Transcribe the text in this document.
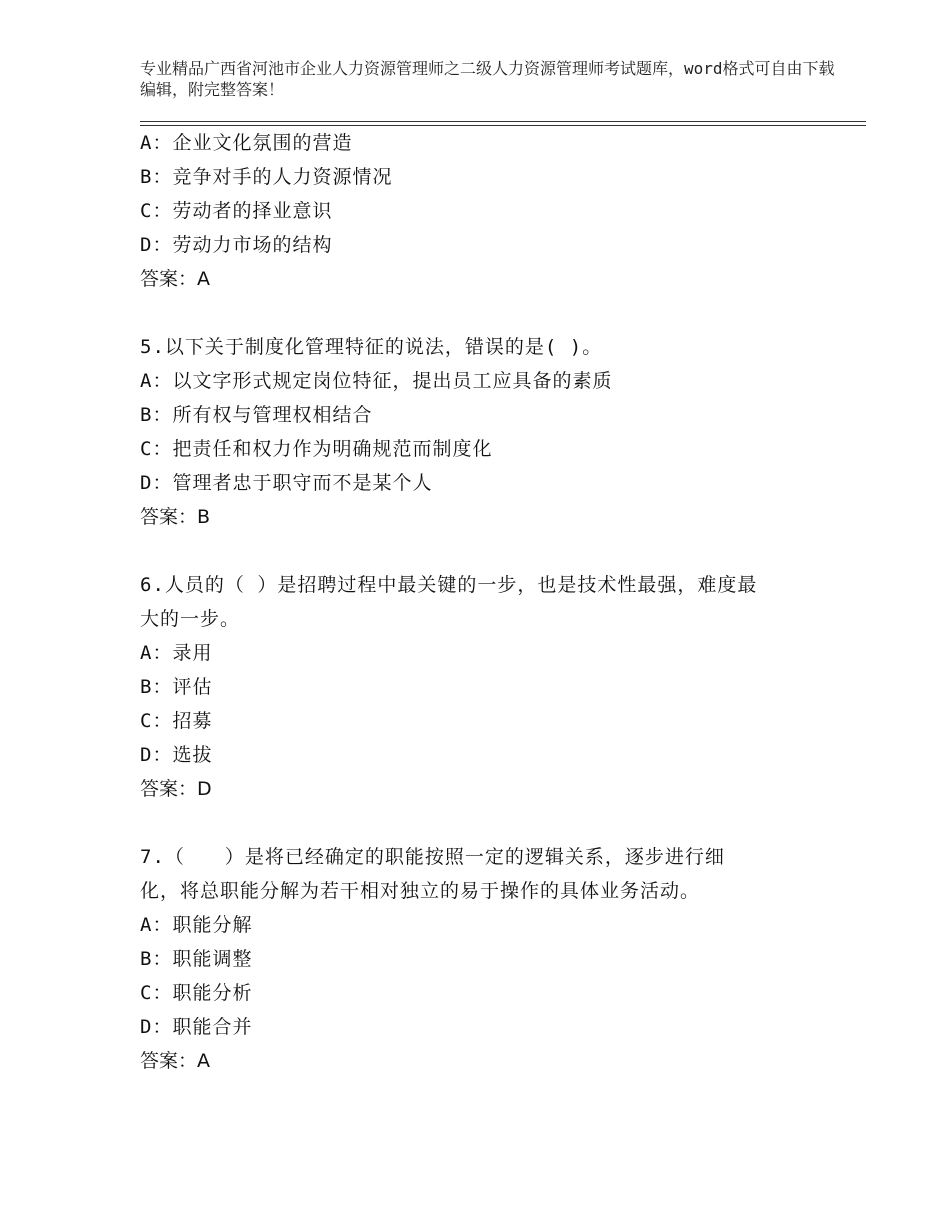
专业精品广西省河池市企业人力资源管理师之二级人力资源管理师考试题库，word格式可自由下载编辑，附完整答案！
A：企业文化氛围的营造
B：竞争对手的人力资源情况
C：劳动者的择业意识
D：劳动力市场的结构
答案：A
5.以下关于制度化管理特征的说法，错误的是( )。
A：以文字形式规定岗位特征，提出员工应具备的素质
B：所有权与管理权相结合
C：把责任和权力作为明确规范而制度化
D：管理者忠于职守而不是某个人
答案：B
6.人员的（ ）是招聘过程中最关键的一步，也是技术性最强，难度最
大的一步。
A：录用
B：评估
C：招募
D：选拔
答案：D
7.（　　）是将已经确定的职能按照一定的逻辑关系，逐步进行细
化，将总职能分解为若干相对独立的易于操作的具体业务活动。
A：职能分解
B：职能调整
C：职能分析
D：职能合并
答案：A
